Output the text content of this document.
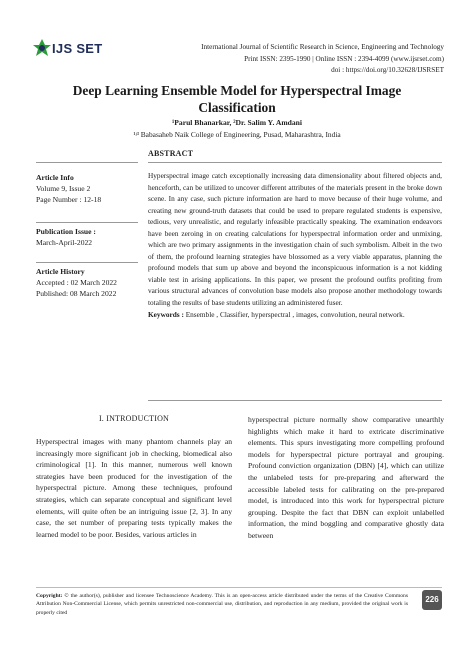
IJS SET	International Journal of Scientific Research in Science, Engineering and Technology
Print ISSN: 2395-1990 | Online ISSN : 2394-4099 (www.ijsrset.com)
doi : https://doi.org/10.32628/IJSRSET
Deep Learning Ensemble Model for Hyperspectral Image
Classification
¹Parul Bhanarkar, ²Dr. Salim Y. Amdani
¹ʲ³ Babasaheb Naik College of Engineering, Pusad, Maharashtra, India
ABSTRACT
Article Info
Volume 9, Issue 2
Page Number : 12-18
Publication Issue :
March-April-2022
Article History
Accepted : 02 March 2022
Published: 08 March 2022
Hyperspectral image catch exceptionally increasing data dimensionality about filtered objects and, henceforth, can be utilized to uncover different attributes of the materials present in the broke down scene. In any case, such picture information are hard to move because of their huge volume, and creating new ground-truth datasets that could be used to prepare regulated students is expensive, tedious, very unrealistic, and regularly infeasible practically speaking. The examination endeavors have been zeroing in on creating calculations for hyperspectral information order and unmixing, which are two primary assignments in the investigation chain of such symbolism. Albeit in the two of them, the profound learning strategies have blossomed as a very viable apparatus, planning the profound models that sum up above and beyond the inconspicuous information is a not kidding viable test in arising applications. In this paper, we present the profound outfits profiting from various structural advances of convolution base models also propose another methodology towards totaling the results of base students utilizing an administered fuser.
Keywords : Ensemble , Classifier, hyperspectral , images, convolution, neural network.
I. INTRODUCTION
Hyperspectral images with many phantom channels play an increasingly more significant job in checking, biomedical also criminological [1]. In this manner, numerous well known strategies have been produced for the investigation of the hyperspectral picture. Among these techniques, profound strategies, which can separate conceptual and significant level elements, will quite often be an intriguing issue [2, 3]. In any case, the set number of preparing tests typically makes the learned model to be poor. Besides, various articles in
hyperspectral picture normally show comparative unearthly highlights which make it hard to extricate discriminative elements. This spurs investigating more compelling profound models for hyperspectral picture portrayal and grouping. Profound conviction organization (DBN) [4], which can utilize the unlabeled tests for pre-preparing and afterward the accessible labeled tests for calibrating on the pre-prepared model, is introduced into this work for hyperspectral picture grouping. Despite the fact that DBN can exploit unlabelled information, the mind boggling and comparative ghostly data between
Copyright: © the author(s), publisher and licensee Technoscience Academy. This is an open-access article distributed under the terms of the Creative Commons Attribution Non-Commercial License, which permits unrestricted non-commercial use, distribution, and reproduction in any medium, provided the original work is properly cited
226
